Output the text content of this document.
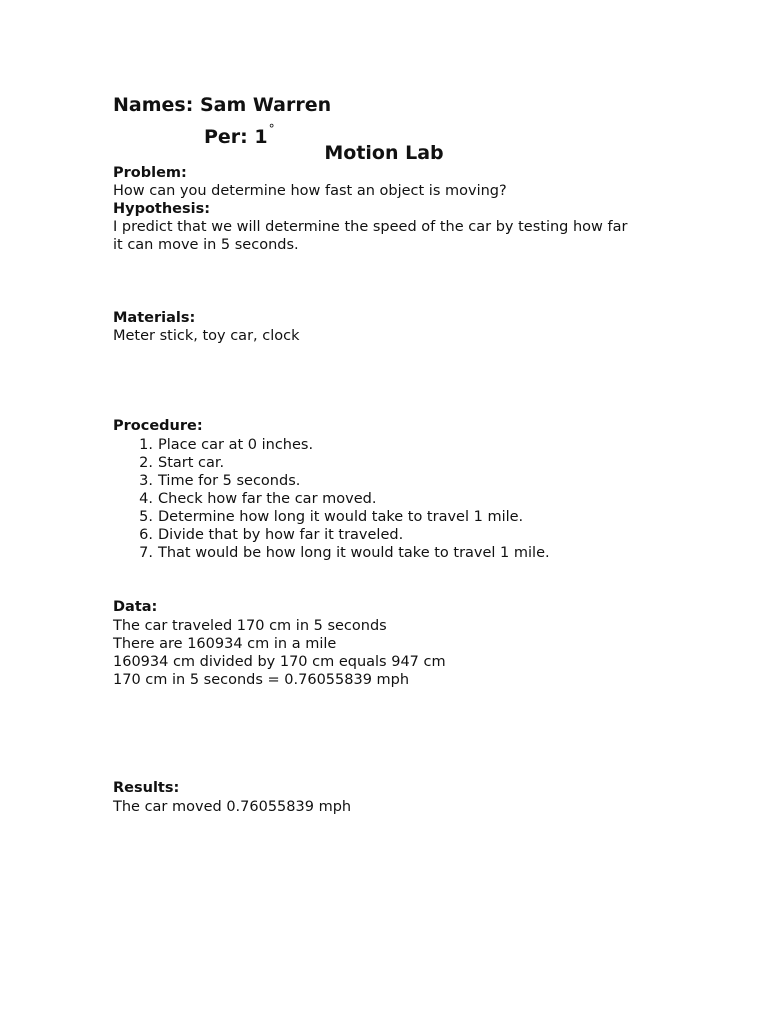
Names: Sam Warren
Per: 1°
Motion Lab
Problem:
How can you determine how fast an object is moving?
Hypothesis:
I predict that we will determine the speed of the car by testing how far
it can move in 5 seconds.
Materials:
Meter stick, toy car, clock
Procedure:
1. Place car at 0 inches.
2. Start car.
3. Time for 5 seconds.
4. Check how far the car moved.
5. Determine how long it would take to travel 1 mile.
6. Divide that by how far it traveled.
7. That would be how long it would take to travel 1 mile.
Data:
The car traveled 170 cm in 5 seconds
There are 160934 cm in a mile
160934 cm divided by 170 cm equals 947 cm
170 cm in 5 seconds = 0.76055839 mph
Results:
The car moved 0.76055839 mph
